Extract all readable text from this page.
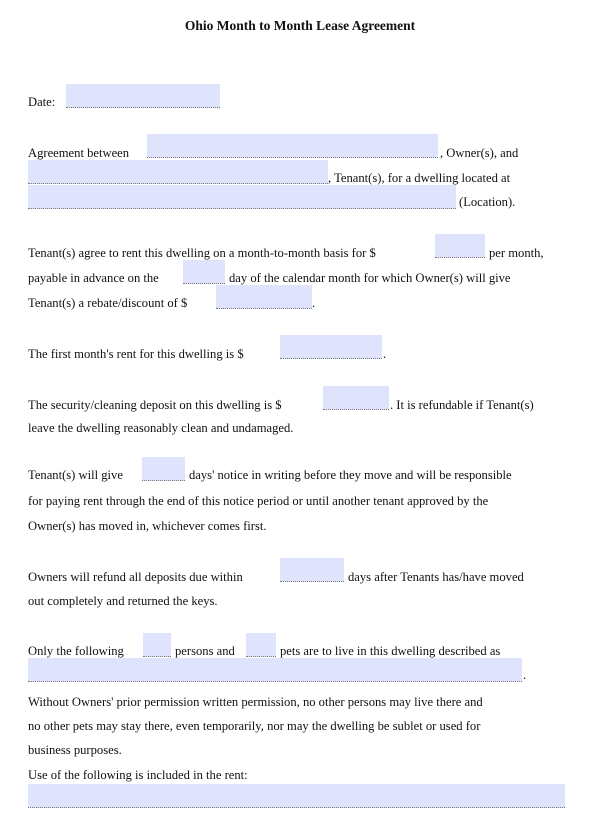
Ohio Month to Month Lease Agreement
Date:
Agreement between	, Owner(s), and
, Tenant(s), for a dwelling located at
(Location).
Tenant(s) agree to rent this dwelling on a month-to-month basis for $	per month,
payable in advance on the	day of the calendar month for which Owner(s) will give
Tenant(s) a rebate/discount of $	.
The first month's rent for this dwelling is $	.
The security/cleaning deposit on this dwelling is $	. It is refundable if Tenant(s)
leave the dwelling reasonably clean and undamaged.
Tenant(s) will give	days' notice in writing before they move and will be responsible
for paying rent through the end of this notice period or until another tenant approved by the
Owner(s) has moved in, whichever comes first.
Owners will refund all deposits due within	days after Tenants has/have moved
out completely and returned the keys.
Only the following	persons and	pets are to live in this dwelling described as
.
Without Owners' prior permission written permission, no other persons may live there and
no other pets may stay there, even temporarily, nor may the dwelling be sublet or used for
business purposes.
Use of the following is included in the rent:
